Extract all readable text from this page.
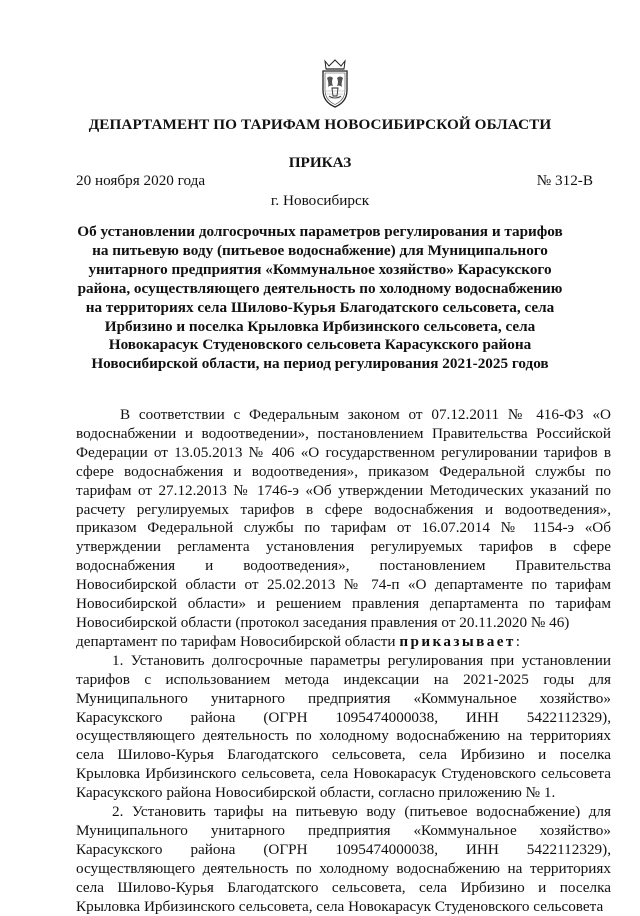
ДЕПАРТАМЕНТ ПО ТАРИФАМ НОВОСИБИРСКОЙ ОБЛАСТИ
ПРИКАЗ
20 ноября 2020 года	№ 312-В
г. Новосибирск
Об установлении долгосрочных параметров регулирования и тарифов на питьевую воду (питьевое водоснабжение) для Муниципального унитарного предприятия «Коммунальное хозяйство» Карасукского района, осуществляющего деятельность по холодному водоснабжению на территориях села Шилово-Курья Благодатского сельсовета, села Ирбизино и поселка Крыловка Ирбизинского сельсовета, села Новокарасук Студеновского сельсовета Карасукского района Новосибирской области, на период регулирования 2021-2025 годов

В соответствии с Федеральным законом от 07.12.2011 № 416-ФЗ «О водоснабжении и водоотведении», постановлением Правительства Российской Федерации от 13.05.2013 № 406 «О государственном регулировании тарифов в сфере водоснабжения и водоотведения», приказом Федеральной службы по тарифам от 27.12.2013 № 1746-э «Об утверждении Методических указаний по расчету регулируемых тарифов в сфере водоснабжения и водоотведения», приказом Федеральной службы по тарифам от 16.07.2014 № 1154-э «Об утверждении регламента установления регулируемых тарифов в сфере водоснабжения и водоотведения», постановлением Правительства Новосибирской области от 25.02.2013 № 74-п «О департаменте по тарифам Новосибирской области» и решением правления департамента по тарифам Новосибирской области (протокол заседания правления от 20.11.2020 № 46)

департамент по тарифам Новосибирской области приказывает:

1. Установить долгосрочные параметры регулирования при установлении тарифов с использованием метода индексации на 2021-2025 годы для Муниципального унитарного предприятия «Коммунальное хозяйство» Карасукского района (ОГРН 1095474000038, ИНН 5422112329), осуществляющего деятельность по холодному водоснабжению на территориях села Шилово-Курья Благодатского сельсовета, села Ирбизино и поселка Крыловка Ирбизинского сельсовета, села Новокарасук Студеновского сельсовета Карасукского района Новосибирской области, согласно приложению № 1.

2. Установить тарифы на питьевую воду (питьевое водоснабжение) для Муниципального унитарного предприятия «Коммунальное хозяйство» Карасукского района (ОГРН 1095474000038, ИНН 5422112329), осуществляющего деятельность по холодному водоснабжению на территориях села Шилово-Курья Благодатского сельсовета, села Ирбизино и поселка Крыловка Ирбизинского сельсовета, села Новокарасук Студеновского сельсовета
